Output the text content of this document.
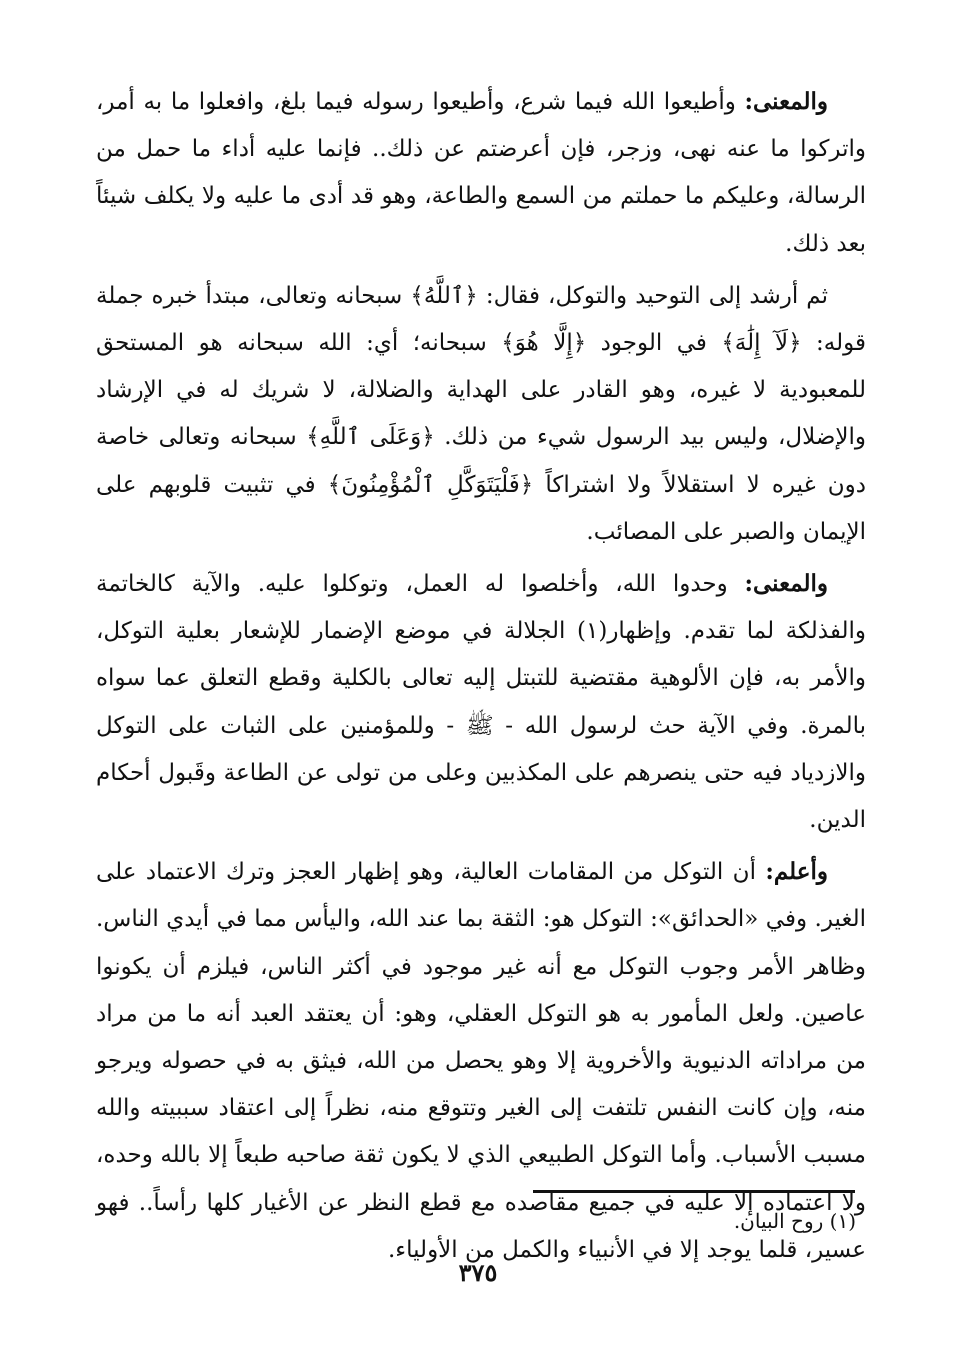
والمعنى: وأطيعوا الله فيما شرع، وأطيعوا رسوله فيما بلغ، وافعلوا ما به أمر، واتركوا ما عنه نهى، وزجر، فإن أعرضتم عن ذلك.. فإنما عليه أداء ما حمل من الرسالة، وعليكم ما حملتم من السمع والطاعة، وهو قد أدى ما عليه ولا يكلف شيئاً بعد ذلك.

ثم أرشد إلى التوحيد والتوكل، فقال: ﴿ٱللَّهُ﴾ سبحانه وتعالى، مبتدأ خبره جملة قوله: ﴿لَآ إِلَٰهَ﴾ في الوجود ﴿إِلَّا هُوَ﴾ سبحانه؛ أي: الله سبحانه هو المستحق للمعبودية لا غيره، وهو القادر على الهداية والضلالة، لا شريك له في الإرشاد والإضلال، وليس بيد الرسول شيء من ذلك. ﴿وَعَلَى ٱللَّهِ﴾ سبحانه وتعالى خاصة دون غيره لا استقلالاً ولا اشتراكاً ﴿فَلْيَتَوَكَّلِ ٱلْمُؤْمِنُونَ﴾ في تثبيت قلوبهم على الإيمان والصبر على المصائب.

والمعنى: وحدوا الله، وأخلصوا له العمل، وتوكلوا عليه. والآية كالخاتمة والفذلكة لما تقدم. وإظهار(١) الجلالة في موضع الإضمار للإشعار بعلية التوكل، والأمر به، فإن الألوهية مقتضية للتبتل إليه تعالى بالكلية وقطع التعلق عما سواه بالمرة. وفي الآية حث لرسول الله - ﷺ - وللمؤمنين على الثبات على التوكل والازدياد فيه حتى ينصرهم على المكذبين وعلى من تولى عن الطاعة وقَبول أحكام الدين.

وأعلم: أن التوكل من المقامات العالية، وهو إظهار العجز وترك الاعتماد على الغير. وفي «الحدائق»: التوكل هو: الثقة بما عند الله، واليأس مما في أيدي الناس. وظاهر الأمر وجوب التوكل مع أنه غير موجود في أكثر الناس، فيلزم أن يكونوا عاصين. ولعل المأمور به هو التوكل العقلي، وهو: أن يعتقد العبد أنه ما من مراد من مراداته الدنيوية والأخروية إلا وهو يحصل من الله، فيثق به في حصوله ويرجو منه، وإن كانت النفس تلتفت إلى الغير وتتوقع منه، نظراً إلى اعتقاد سببيته والله مسبب الأسباب. وأما التوكل الطبيعي الذي لا يكون ثقة صاحبه طبعاً إلا بالله وحده، ولا اعتماده إلا عليه في جميع مقاصده مع قطع النظر عن الأغيار كلها رأساً.. فهو عسير، قلما يوجد إلا في الأنبياء والكمل من الأولياء.

(١) روح البيان.
٣٧٥
